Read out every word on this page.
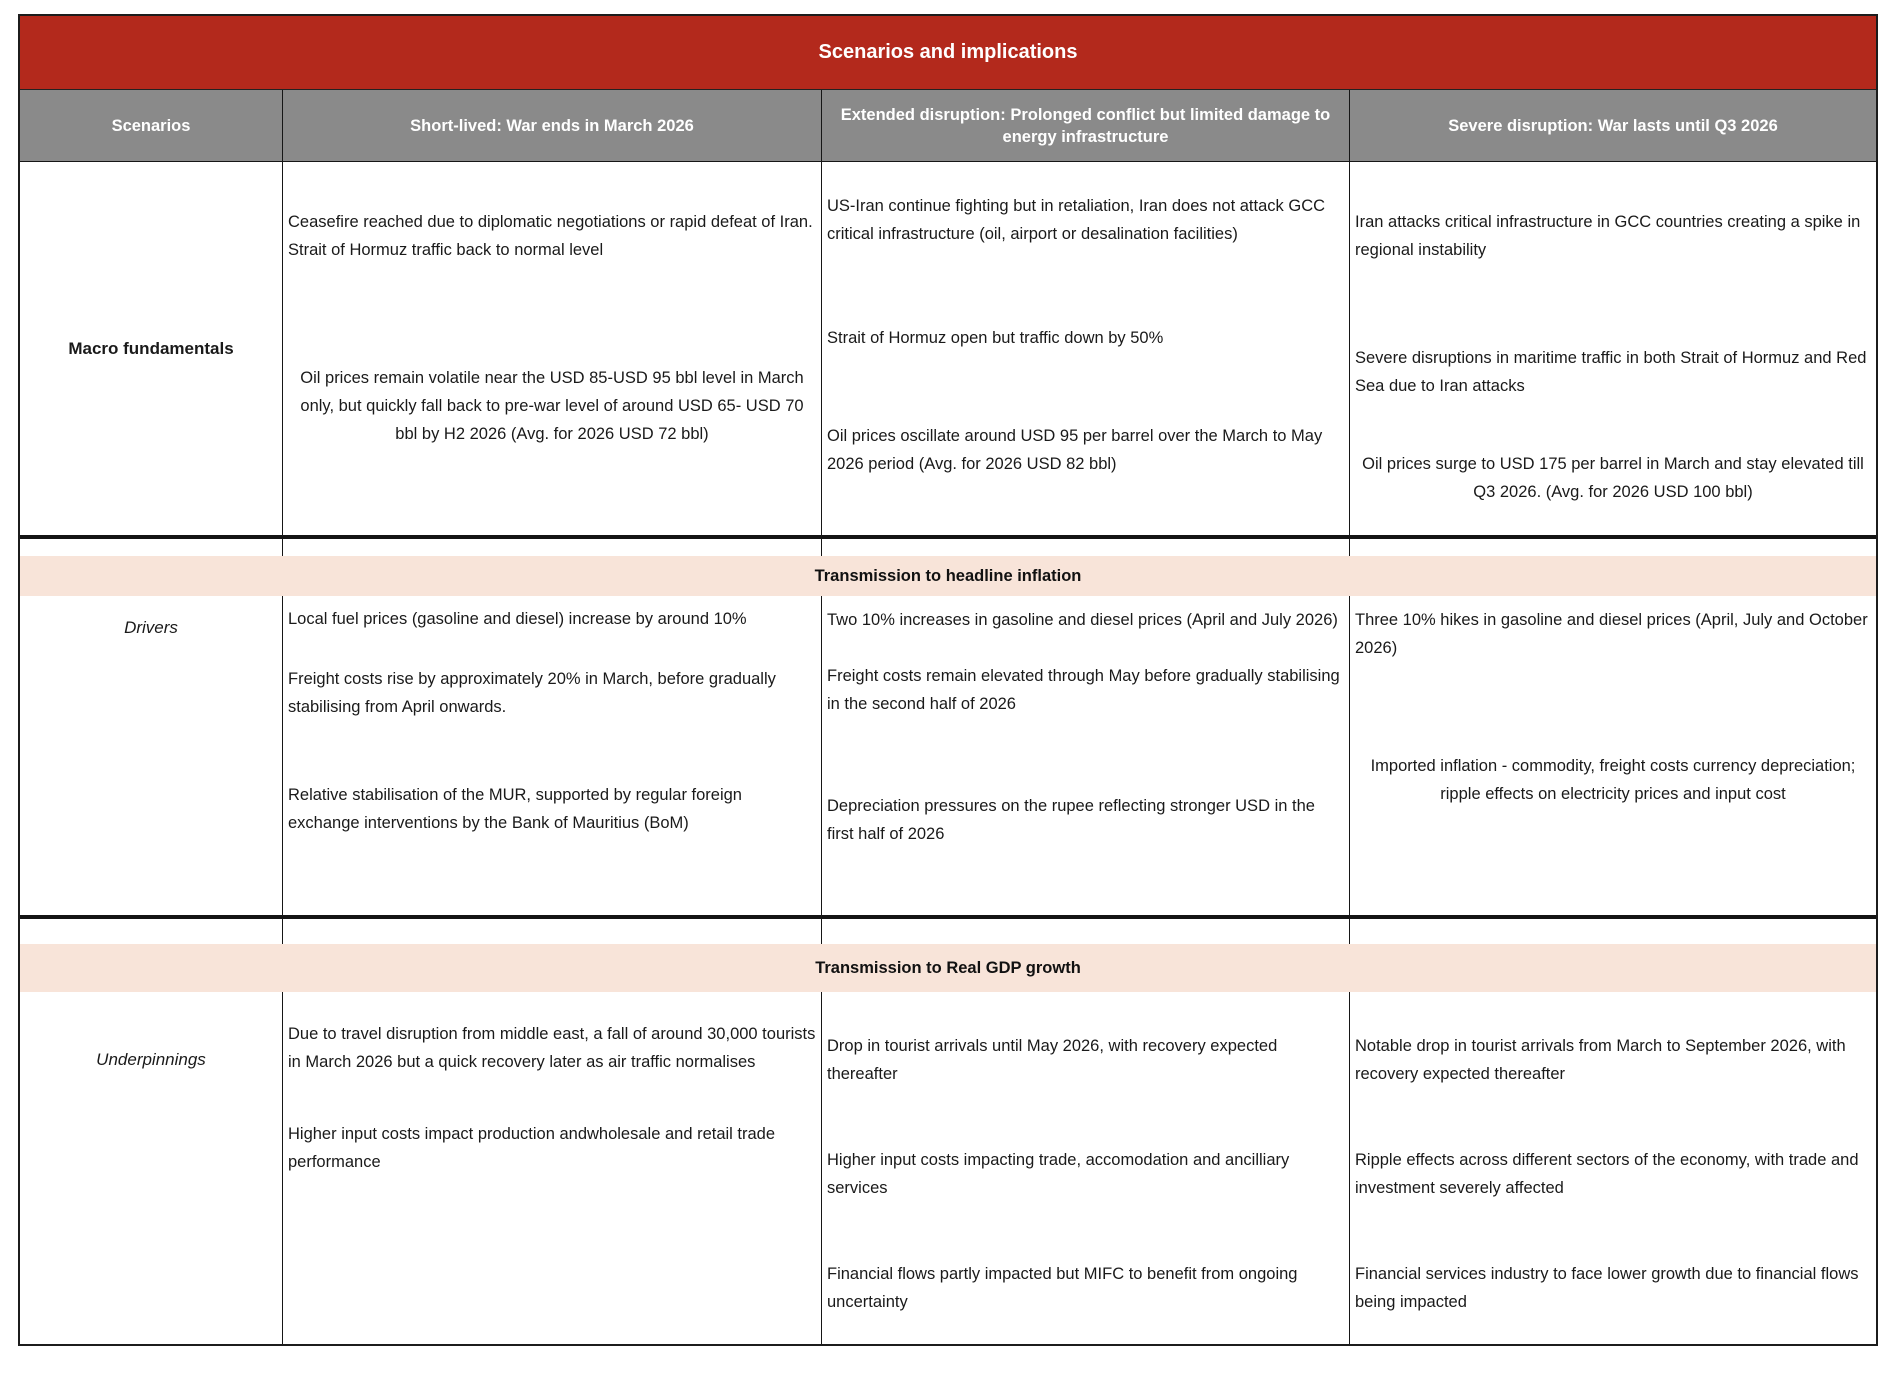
Scenarios and implications
Scenarios	Short-lived: War ends in March 2026
Extended disruption: Prolonged conflict but limited damage to energy infrastructure
Severe disruption: War lasts until Q3 2026
Macro fundamentals

Ceasefire reached due to diplomatic negotiations or rapid defeat of Iran. Strait of Hormuz traffic back to normal level

Oil prices remain volatile near the USD 85-USD 95 bbl level in March only, but quickly fall back to pre-war level of around USD 65- USD 70 bbl by H2 2026 (Avg. for 2026 USD 72 bbl)

US-Iran continue fighting but in retaliation, Iran does not attack GCC critical infrastructure (oil, airport or desalination facilities)

Strait of Hormuz open but traffic down by 50%

Oil prices oscillate around USD 95 per barrel over the March to May 2026 period (Avg. for 2026 USD 82 bbl)

Iran attacks critical infrastructure in GCC countries creating a spike in regional instability

Severe disruptions in maritime traffic in both Strait of Hormuz and Red Sea due to Iran attacks

Oil prices surge to USD 175 per barrel in March and stay elevated till Q3 2026. (Avg. for 2026 USD 100 bbl)

Transmission to headline inflation
Drivers	Local fuel prices (gasoline and diesel) increase by around 10%

Freight costs rise by approximately 20% in March, before gradually stabilising from April onwards.

Relative stabilisation of the MUR, supported by regular foreign exchange interventions by the Bank of Mauritius (BoM)

Two 10% increases in gasoline and diesel prices (April and July 2026)

Freight costs remain elevated through May before gradually stabilising in the second half of 2026

Depreciation pressures on the rupee reflecting stronger USD in the first half of 2026

Three 10% hikes in gasoline and diesel prices (April, July and October 2026)

Imported inflation - commodity, freight costs currency depreciation; ripple effects on electricity prices and input cost

Transmission to Real GDP growth
Underpinnings

Due to travel disruption from middle east, a fall of around 30,000 tourists in March 2026 but a quick recovery later as air traffic normalises

Higher input costs impact production andwholesale and retail trade performance

Drop in tourist arrivals until May 2026, with recovery expected thereafter

Higher input costs impacting trade, accomodation and ancilliary services

Financial flows partly impacted but MIFC to benefit from ongoing uncertainty

Notable drop in tourist arrivals from March to September 2026, with recovery expected thereafter

Ripple effects across different sectors of the economy, with trade and investment severely affected

Financial services industry to face lower growth due to financial flows being impacted
